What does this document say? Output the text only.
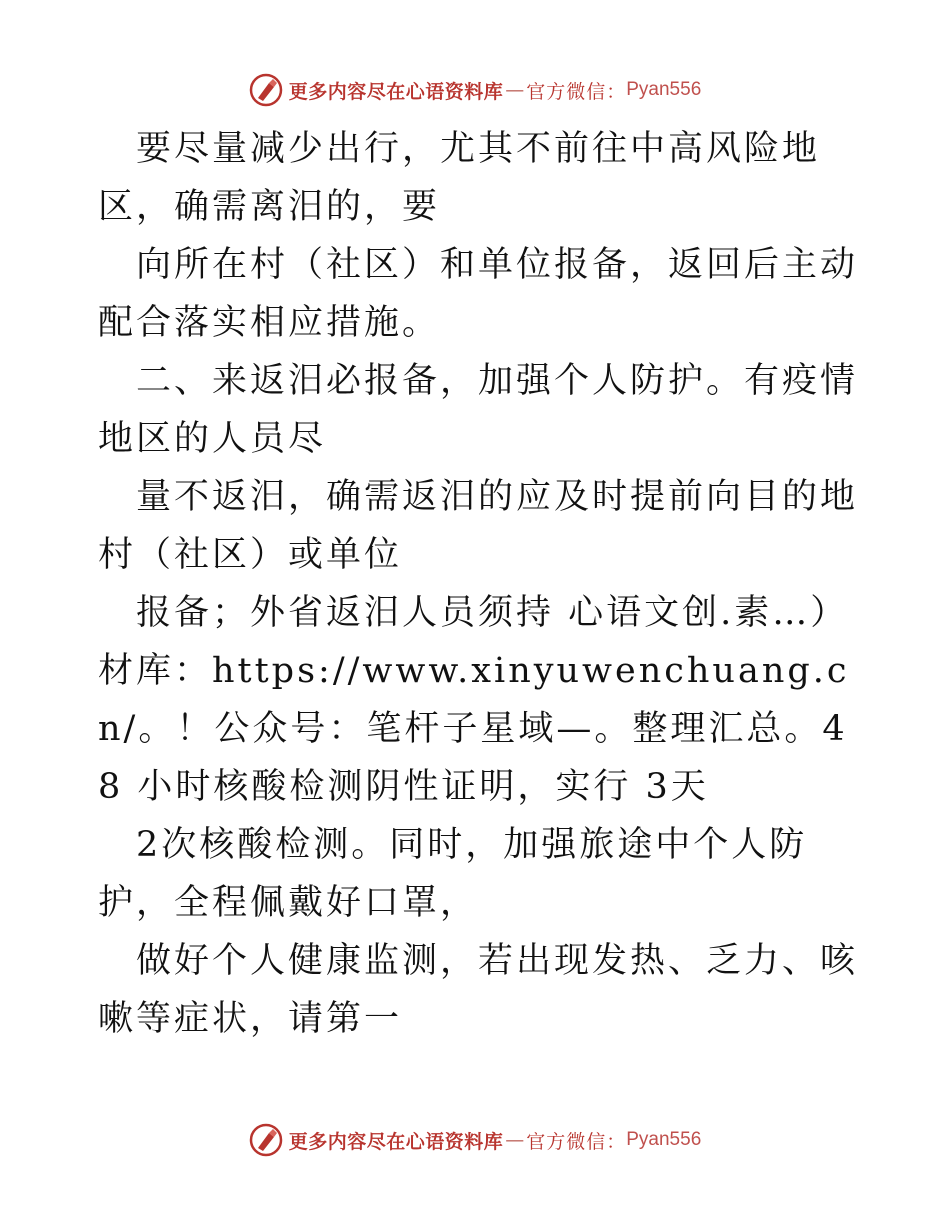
更多内容尽在心语资料库 — 官方微信： Pyan556

要尽量减少出行，尤其不前往中高风险地区，确需离汨的，要

向所在村（社区）和单位报备，返回后主动配合落实相应措施。

二、来返汨必报备，加强个人防护。有疫情地区的人员尽

量不返汨，确需返汨的应及时提前向目的地村（社区）或单位

报备；外省返汨人员须持 心语文创.素…）材库：https://www.xinyuwenchuang.cn/。！公众号：笔杆子星域—。整理汇总。48 小时核酸检测阴性证明，实行 3天

2次核酸检测。同时，加强旅途中个人防护，全程佩戴好口罩，

做好个人健康监测，若出现发热、乏力、咳嗽等症状，请第一

更多内容尽在心语资料库 — 官方微信： Pyan556
